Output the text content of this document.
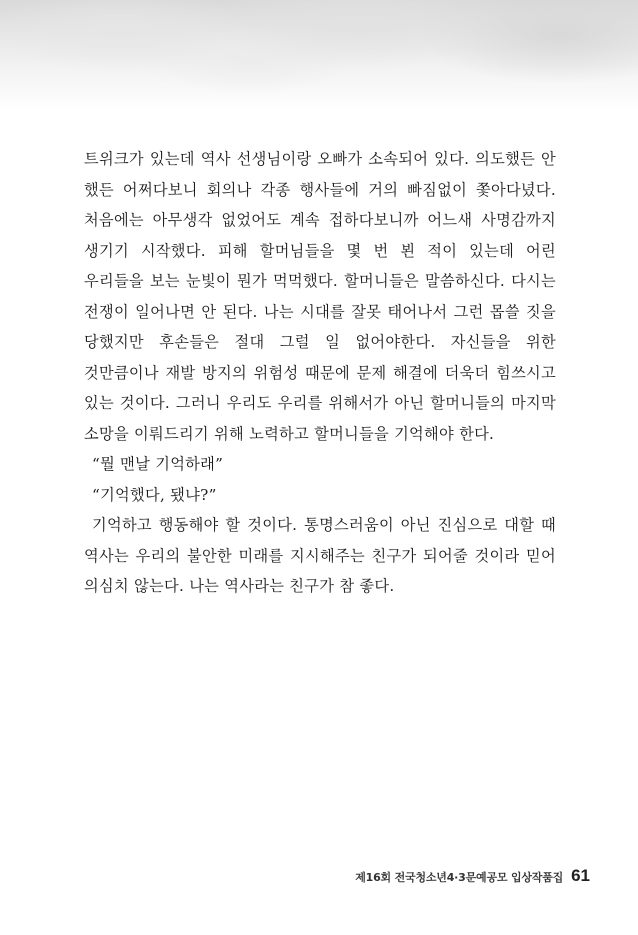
트위크가 있는데 역사 선생님이랑 오빠가 소속되어 있다. 의도했든 안 했든 어쩌다보니 회의나 각종 행사들에 거의 빠짐없이 쫓아다녔다. 처음에는 아무생각 없었어도 계속 접하다보니까 어느새 사명감까지 생기기 시작했다. 피해 할머님들을 몇 번 뵌 적이 있는데 어린 우리들을 보는 눈빛이 뭔가 먹먹했다. 할머니들은 말씀하신다. 다시는 전쟁이 일어나면 안 된다. 나는 시대를 잘못 태어나서 그런 몹쓸 짓을 당했지만 후손들은 절대 그럴 일 없어야한다. 자신들을 위한 것만큼이나 재발 방지의 위험성 때문에 문제 해결에 더욱더 힘쓰시고 있는 것이다. 그러니 우리도 우리를 위해서가 아닌 할머니들의 마지막 소망을 이뤄드리기 위해 노력하고 할머니들을 기억해야 한다.

“뭘 맨날 기억하래”

“기억했다, 됐냐?”

기억하고 행동해야 할 것이다. 통명스러움이 아닌 진심으로 대할 때 역사는 우리의 불안한 미래를 지시해주는 친구가 되어줄 것이라 믿어 의심치 않는다. 나는 역사라는 친구가 참 좋다.

제16회 전국청소년4·3문예공모 입상작품집 61
